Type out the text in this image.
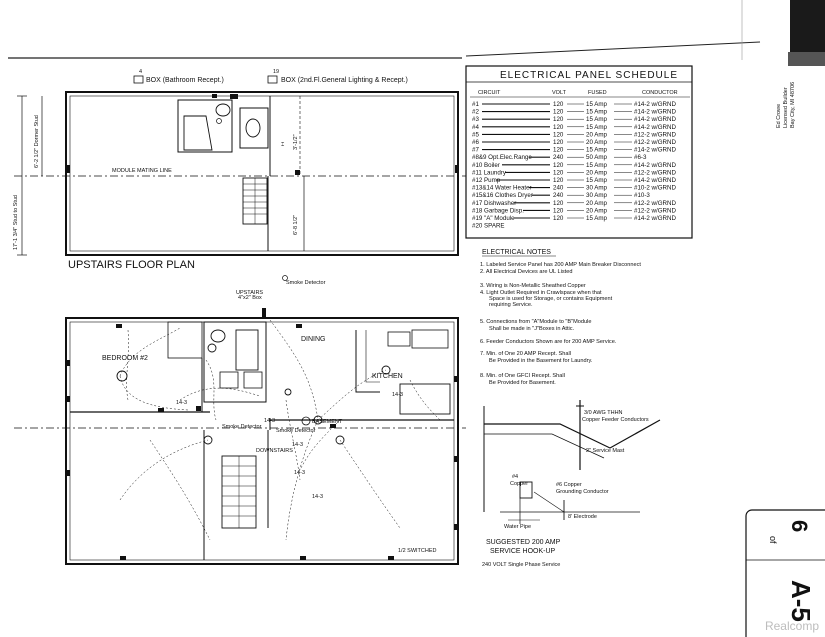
4
BOX (Bathroom Recept.)
19
BOX (2nd.Fl.General Lighting & Recept.)
MODULE MATING LINE
17'-1 3/4" Stud to Stud
6'-2 1/2" Dormer Stud	3'-1/2"
6'-8 1/2"
⌶
UPSTAIRS FLOOR PLAN
BEDROOM #2
DINING
KITCHEN
UPSTAIRS
4"x2" Box
Smoke Detector
Smoke Detector
Smoke Detector
BASEMENT
DOWNSTAIRS
1/2 SWITCHED
14-3
14-3
14-3
14-3
14-3
14-3
ELECTRICAL PANEL SCHEDULE
CIRCUIT	VOLT	FUSED	CONDUCTOR
#1	120	15 Amp	#14-2 w/GRND
#2	120	15 Amp	#14-2 w/GRND
#3	120	15 Amp	#14-2 w/GRND
#4	120	15 Amp	#14-2 w/GRND
#5	120	20 Amp	#12-2 w/GRND
#6	120	20 Amp	#12-2 w/GRND
#7	120	15 Amp	#14-2 w/GRND
#8&9 Opt.Elec.Range	240	50 Amp	#6-3
#10 Boiler	120	15 Amp	#14-2 w/GRND
#11 Laundry	120	20 Amp	#12-2 w/GRND
#12 Pump	120	15 Amp	#14-2 w/GRND
#13&14 Water Heater	240	30 Amp	#10-2 w/GRND
#15&16 Clothes Dryer	240	30 Amp	#10-3
#17 Dishwasher	120	20 Amp	#12-2 w/GRND
#18 Garbage Disp.	120	20 Amp	#12-2 w/GRND
#19 "A" Module	120	15 Amp	#14-2 w/GRND
#20 SPARE
ELECTRICAL NOTES
1. Labeled Service Panel has 200 AMP Main Breaker Disconnect
2. All Electrical Devices are UL Listed
3. Wiring is Non-Metallic Sheathed Copper
4. Light Outlet Required in Crawlspace when that
Space is used for Storage, or contains Equipment
requiring Service.
5. Connections from "A"Module to "B"Module
Shall be made in "J"Boxes in Attic.
6. Feeder Conductors Shown are for 200 AMP Service.
7. Min. of One 20 AMP Recept. Shall
Be Provided in the Basement for Laundry.
8. Min. of One GFCI Recept. Shall
Be Provided for Basement.
3/0 AWG THHN
Copper Feeder Conductors
2" Service Mast
#6 Copper
Grounding Conductor
#4
Copper
8' Electrode
Water Pipe
SUGGESTED 200 AMP
SERVICE HOOK-UP
240 VOLT Single Phase Service
Ed Crowe Licensed Builder Bay City, MI 48706
A-5
of
6
Realcomp
